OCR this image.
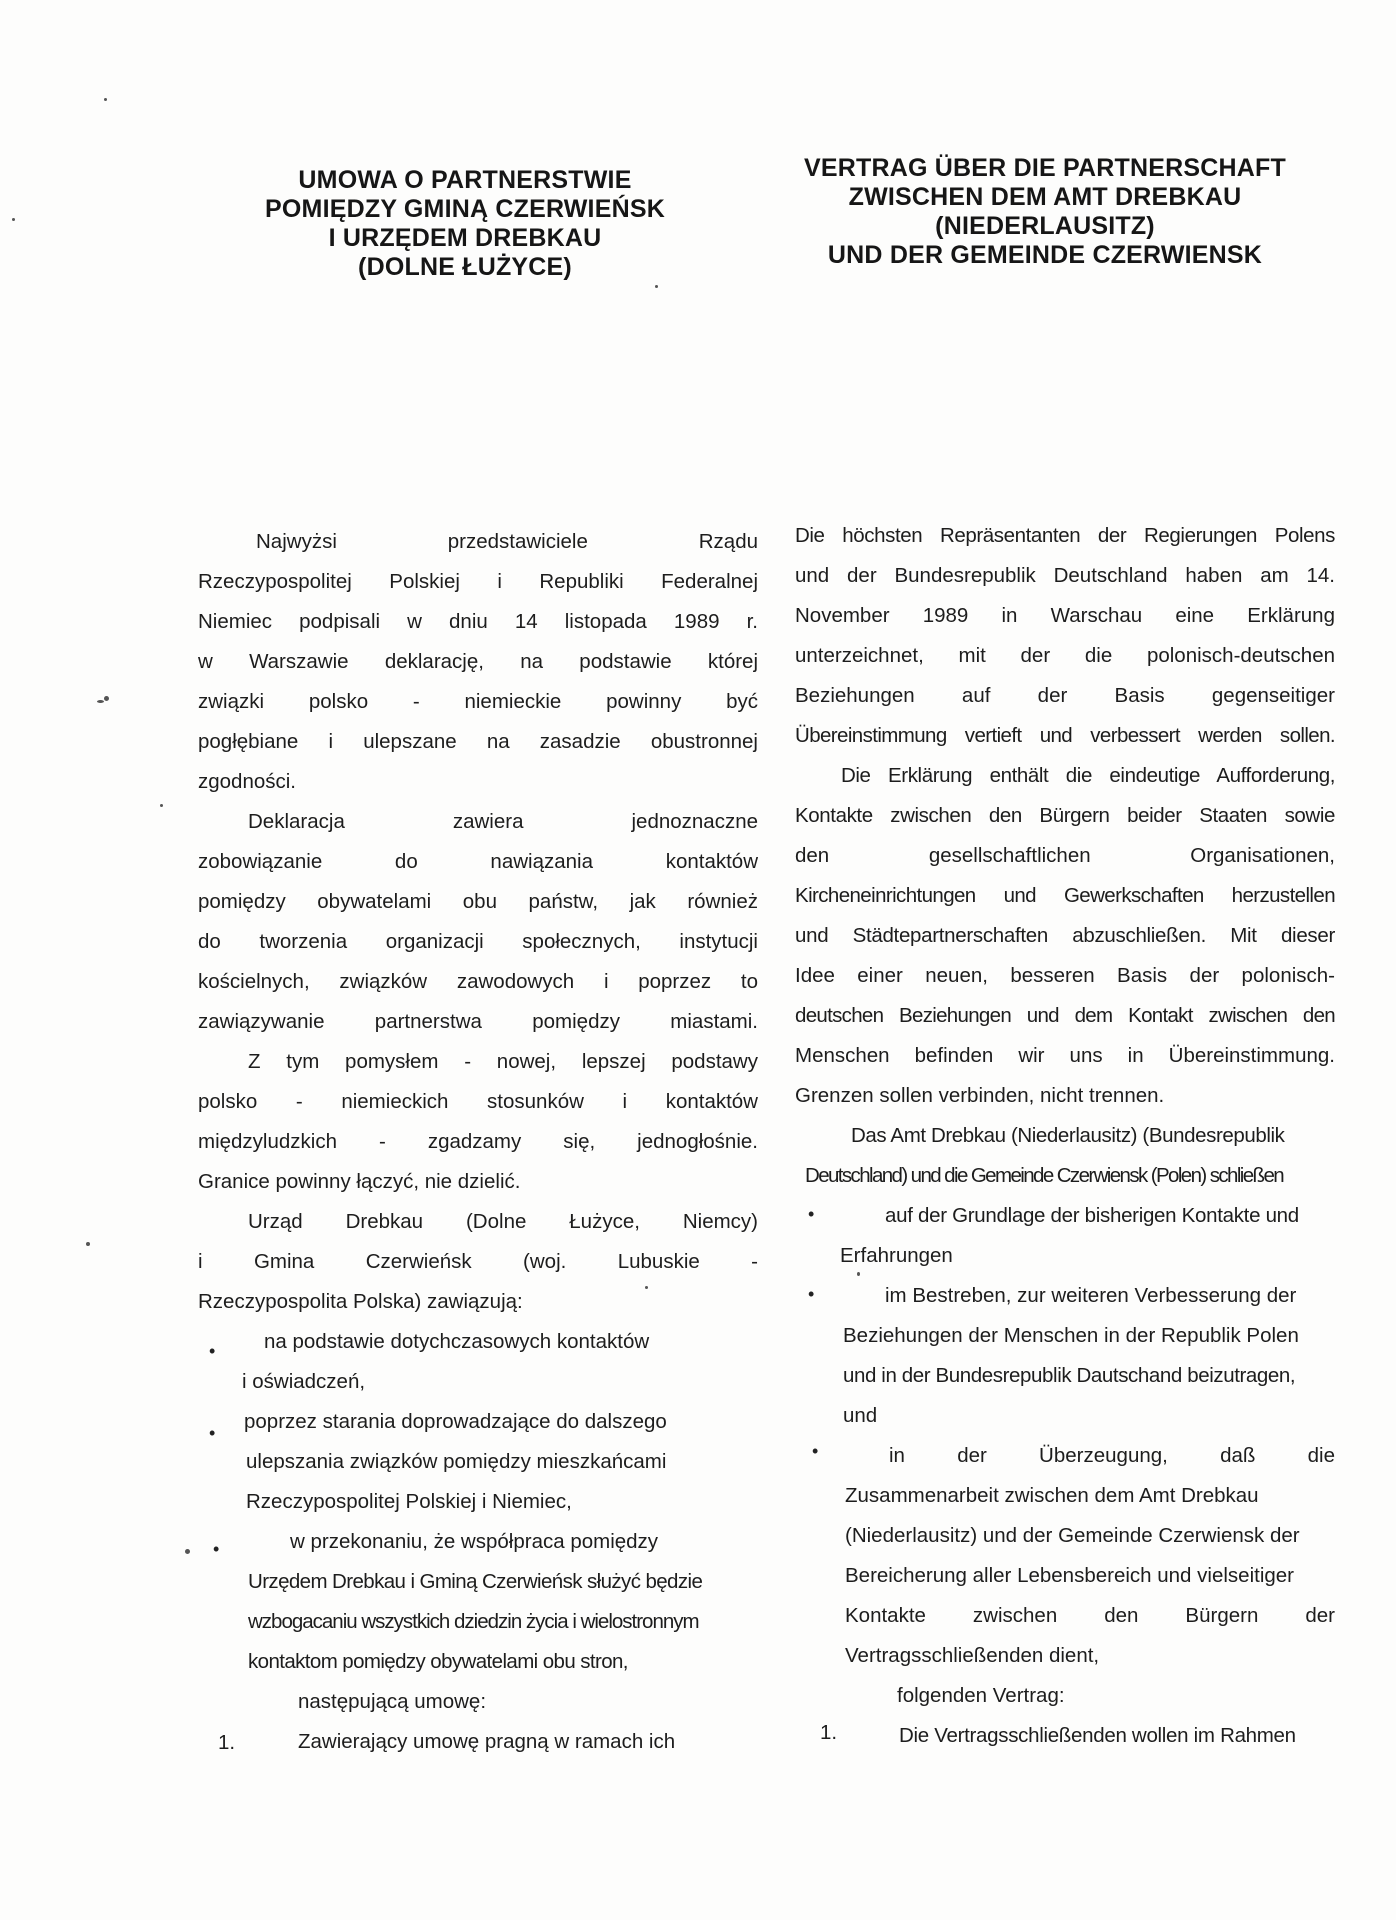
UMOWA O PARTNERSTWIE
POMIĘDZY GMINĄ CZERWIEŃSK
I URZĘDEM DREBKAU
(DOLNE ŁUŻYCE)
VERTRAG ÜBER DIE PARTNERSCHAFT
ZWISCHEN DEM AMT DREBKAU
(NIEDERLAUSITZ)
UND DER GEMEINDE CZERWIENSK
Najwyżsi przedstawiciele Rządu
Rzeczypospolitej Polskiej i Republiki Federalnej
Niemiec podpisali w dniu 14 listopada 1989 r.
w Warszawie deklarację, na podstawie której
związki polsko - niemieckie powinny być
pogłębiane i ulepszane na zasadzie obustronnej
zgodności.
Deklaracja zawiera jednoznaczne
zobowiązanie do nawiązania kontaktów
pomiędzy obywatelami obu państw, jak również
do tworzenia organizacji społecznych, instytucji
kościelnych, związków zawodowych i poprzez to
zawiązywanie partnerstwa pomiędzy miastami.
Z tym pomysłem - nowej, lepszej podstawy
polsko - niemieckich stosunków i kontaktów
międzyludzkich - zgadzamy się, jednogłośnie.
Granice powinny łączyć, nie dzielić.
Urząd Drebkau (Dolne Łużyce, Niemcy)
i Gmina Czerwieńsk (woj. Lubuskie -
Rzeczypospolita Polska) zawiązują:
na podstawie dotychczasowych kontaktów
i oświadczeń,
poprzez starania doprowadzające do dalszego
ulepszania związków pomiędzy mieszkańcami
Rzeczypospolitej Polskiej i Niemiec,
w przekonaniu, że współpraca pomiędzy
Urzędem Drebkau i Gminą Czerwieńsk służyć będzie
wzbogacaniu wszystkich dziedzin życia i wielostronnym
kontaktom pomiędzy obywatelami obu stron,
następującą umowę:
Zawierający umowę pragną w ramach ich
•
•
•
1.
Die höchsten Repräsentanten der Regierungen Polens
und der Bundesrepublik Deutschland haben am 14.
November 1989 in Warschau eine Erklärung
unterzeichnet, mit der die polonisch-deutschen
Beziehungen auf der Basis gegenseitiger
Übereinstimmung vertieft und verbessert werden sollen.
Die Erklärung enthält die eindeutige Aufforderung,
Kontakte zwischen den Bürgern beider Staaten sowie
den gesellschaftlichen Organisationen,
Kircheneinrichtungen und Gewerkschaften herzustellen
und Städtepartnerschaften abzuschließen. Mit dieser
Idee einer neuen, besseren Basis der polonisch-
deutschen Beziehungen und dem Kontakt zwischen den
Menschen befinden wir uns in Übereinstimmung.
Grenzen sollen verbinden, nicht trennen.
Das Amt Drebkau (Niederlausitz) (Bundesrepublik
Deutschland) und die Gemeinde Czerwiensk (Polen) schließen
auf der Grundlage der bisherigen Kontakte und
Erfahrungen
im Bestreben, zur weiteren Verbesserung der
Beziehungen der Menschen in der Republik Polen
und in der Bundesrepublik Dautschand beizutragen,
und
in der Überzeugung, daß die
Zusammenarbeit zwischen dem Amt Drebkau
(Niederlausitz) und der Gemeinde Czerwiensk der
Bereicherung aller Lebensbereich und vielseitiger
Kontakte zwischen den Bürgern der
Vertragsschließenden dient,
folgenden Vertrag:
Die Vertragsschließenden wollen im Rahmen
•
•
•
1.
